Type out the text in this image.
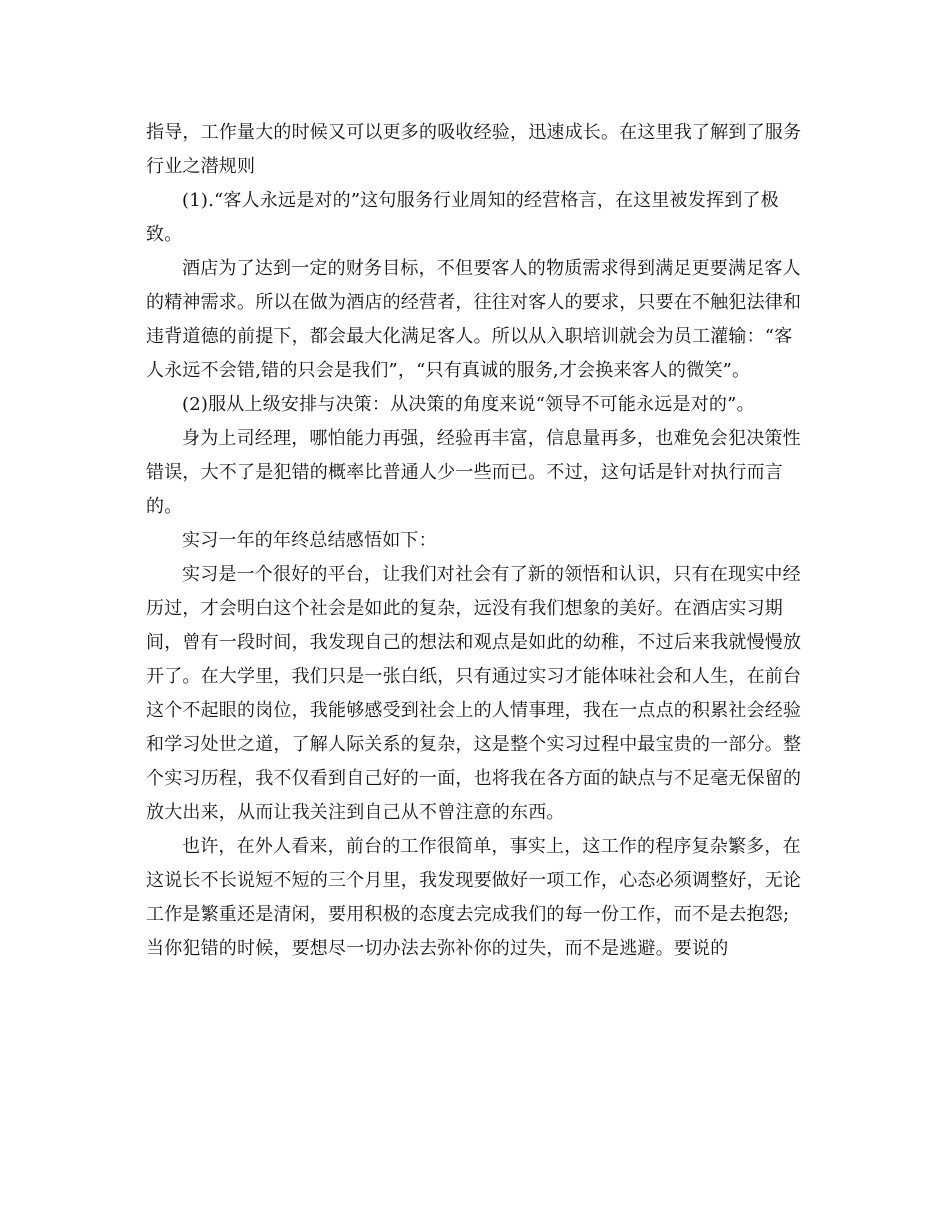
指导，工作量大的时候又可以更多的吸收经验，迅速成长。在这里我了解到了服务行业之潜规则

(1).“客人永远是对的”这句服务行业周知的经营格言，在这里被发挥到了极致。

酒店为了达到一定的财务目标，不但要客人的物质需求得到满足更要满足客人的精神需求。所以在做为酒店的经营者，往往对客人的要求，只要在不触犯法律和违背道德的前提下，都会最大化满足客人。所以从入职培训就会为员工灌输：“客人永远不会错,错的只会是我们”，“只有真诚的服务,才会换来客人的微笑”。

(2)服从上级安排与决策：从决策的角度来说“领导不可能永远是对的”。

身为上司经理，哪怕能力再强，经验再丰富，信息量再多，也难免会犯决策性错误，大不了是犯错的概率比普通人少一些而已。不过，这句话是针对执行而言的。

实习一年的年终总结感悟如下：

实习是一个很好的平台，让我们对社会有了新的领悟和认识，只有在现实中经历过，才会明白这个社会是如此的复杂，远没有我们想象的美好。在酒店实习期间，曾有一段时间，我发现自己的想法和观点是如此的幼稚，不过后来我就慢慢放开了。在大学里，我们只是一张白纸，只有通过实习才能体味社会和人生，在前台这个不起眼的岗位，我能够感受到社会上的人情事理，我在一点点的积累社会经验和学习处世之道，了解人际关系的复杂，这是整个实习过程中最宝贵的一部分。整个实习历程，我不仅看到自己好的一面，也将我在各方面的缺点与不足毫无保留的放大出来，从而让我关注到自己从不曾注意的东西。

也许，在外人看来，前台的工作很简单，事实上，这工作的程序复杂繁多，在这说长不长说短不短的三个月里，我发现要做好一项工作，心态必须调整好，无论工作是繁重还是清闲，要用积极的态度去完成我们的每一份工作，而不是去抱怨;当你犯错的时候，要想尽一切办法去弥补你的过失，而不是逃避。要说的
